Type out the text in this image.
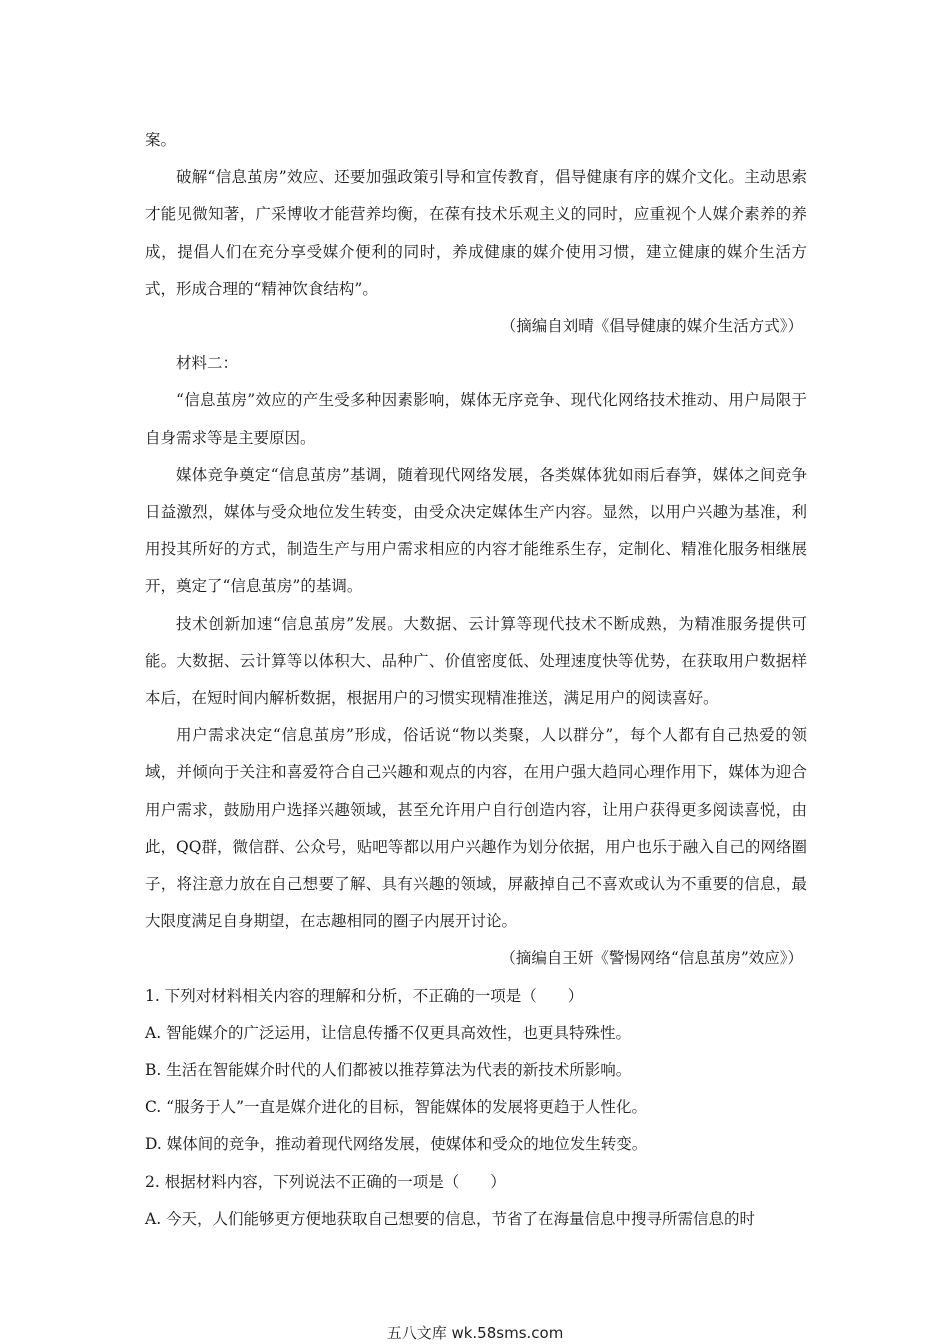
案。

破解“信息茧房”效应、还要加强政策引导和宣传教育，倡导健康有序的媒介文化。主动思索才能见微知著，广采博收才能营养均衡，在葆有技术乐观主义的同时，应重视个人媒介素养的养成，提倡人们在充分享受媒介便利的同时，养成健康的媒介使用习惯，建立健康的媒介生活方式，形成合理的“精神饮食结构”。

（摘编自刘晴《倡导健康的媒介生活方式》）

材料二：

“信息茧房”效应的产生受多种因素影响，媒体无序竞争、现代化网络技术推动、用户局限于自身需求等是主要原因。

媒体竞争奠定“信息茧房”基调，随着现代网络发展，各类媒体犹如雨后春笋，媒体之间竞争日益激烈，媒体与受众地位发生转变，由受众决定媒体生产内容。显然，以用户兴趣为基准，利用投其所好的方式，制造生产与用户需求相应的内容才能维系生存，定制化、精准化服务相继展开，奠定了“信息茧房”的基调。

技术创新加速“信息茧房”发展。大数据、云计算等现代技术不断成熟，为精准服务提供可能。大数据、云计算等以体积大、品种广、价值密度低、处理速度快等优势，在获取用户数据样本后，在短时间内解析数据，根据用户的习惯实现精准推送，满足用户的阅读喜好。

用户需求决定“信息茧房”形成，俗话说“物以类聚，人以群分”，每个人都有自己热爱的领域，并倾向于关注和喜爱符合自己兴趣和观点的内容，在用户强大趋同心理作用下，媒体为迎合用户需求，鼓励用户选择兴趣领域，甚至允许用户自行创造内容，让用户获得更多阅读喜悦，由此，QQ群，微信群、公众号，贴吧等都以用户兴趣作为划分依据，用户也乐于融入自己的网络圈子，将注意力放在自己想要了解、具有兴趣的领域，屏蔽掉自己不喜欢或认为不重要的信息，最大限度满足自身期望，在志趣相同的圈子内展开讨论。

（摘编自王妍《警惕网络“信息茧房”效应》）

1. 下列对材料相关内容的理解和分析，不正确的一项是（　　）

A. 智能媒介的广泛运用，让信息传播不仅更具高效性，也更具特殊性。

B. 生活在智能媒介时代的人们都被以推荐算法为代表的新技术所影响。

C. “服务于人”一直是媒介进化的目标，智能媒体的发展将更趋于人性化。

D. 媒体间的竞争，推动着现代网络发展，使媒体和受众的地位发生转变。

2. 根据材料内容，下列说法不正确的一项是（　　）

A. 今天，人们能够更方便地获取自己想要的信息，节省了在海量信息中搜寻所需信息的时

五八文库 wk.58sms.com
